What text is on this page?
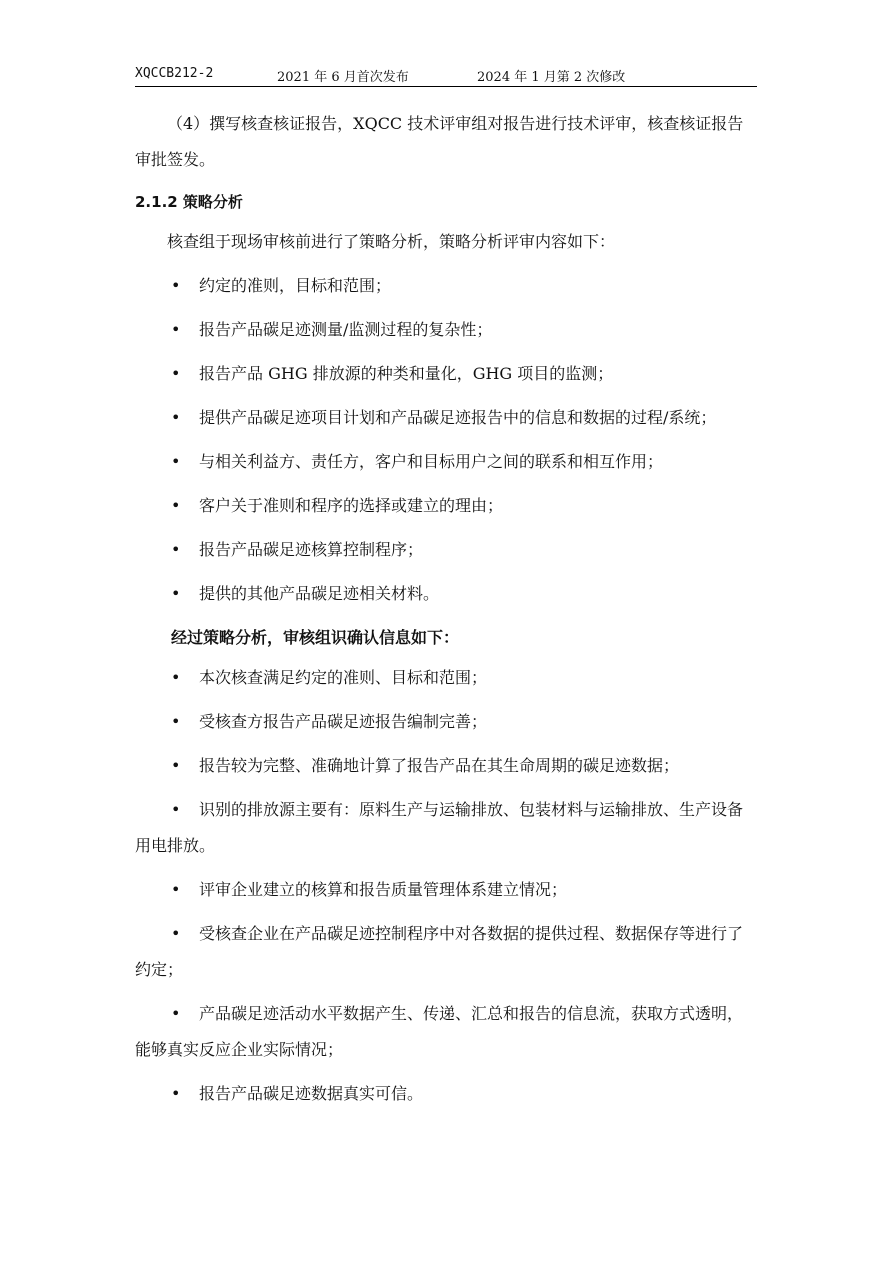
XQCCB212-2	2021 年 6 月首次发布	2024 年 1 月第 2 次修改

（4）撰写核查核证报告，XQCC 技术评审组对报告进行技术评审，核查核证报告审批签发。

2.1.2 策略分析

核查组于现场审核前进行了策略分析，策略分析评审内容如下：

• 约定的准则，目标和范围；
• 报告产品碳足迹测量/监测过程的复杂性；
• 报告产品 GHG 排放源的种类和量化，GHG 项目的监测；
• 提供产品碳足迹项目计划和产品碳足迹报告中的信息和数据的过程/系统；
• 与相关利益方、责任方，客户和目标用户之间的联系和相互作用；
• 客户关于准则和程序的选择或建立的理由；
• 报告产品碳足迹核算控制程序；
• 提供的其他产品碳足迹相关材料。
经过策略分析，审核组识确认信息如下：
• 本次核查满足约定的准则、目标和范围；
• 受核查方报告产品碳足迹报告编制完善；
• 报告较为完整、准确地计算了报告产品在其生命周期的碳足迹数据；
• 识别的排放源主要有：原料生产与运输排放、包装材料与运输排放、生产设备用电排放。
• 评审企业建立的核算和报告质量管理体系建立情况；
• 受核查企业在产品碳足迹控制程序中对各数据的提供过程、数据保存等进行了约定；
• 产品碳足迹活动水平数据产生、传递、汇总和报告的信息流，获取方式透明，能够真实反应企业实际情况；
• 报告产品碳足迹数据真实可信。
